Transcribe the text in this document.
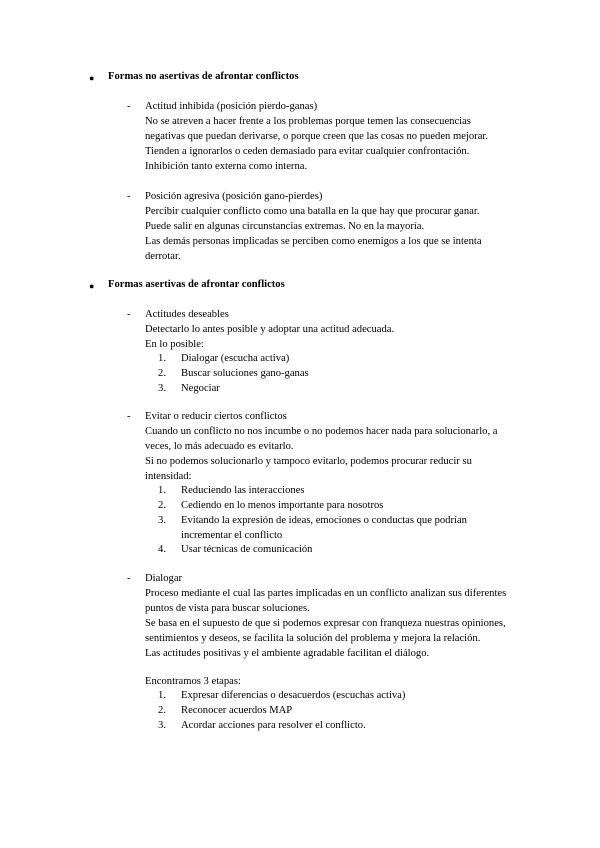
● Formas no asertivas de afrontar conflictos
- Actitud inhibida (posición pierdo-ganas)
No se atreven a hacer frente a los problemas porque temen las consecuencias
negativas que puedan derivarse, o porque creen que las cosas no pueden mejorar.
Tienden a ignorarlos o ceden demasiado para evitar cualquier confrontación.
Inhibición tanto externa como interna.
- Posición agresiva (posición gano-pierdes)
Percibir cualquier conflicto como una batalla en la que hay que procurar ganar.
Puede salir en algunas circunstancias extremas. No en la mayoría.
Las demás personas implicadas se perciben como enemigos a los que se intenta
derrotar.
● Formas asertivas de afrontar conflictos
- Actitudes deseables
Detectarlo lo antes posible y adoptar una actitud adecuada.
En lo posible:
1. Dialogar (escucha activa)
2. Buscar soluciones gano-ganas
3. Negociar
- Evitar o reducir ciertos conflictos
Cuando un conflicto no nos incumbe o no podemos hacer nada para solucionarlo, a
veces, lo más adecuado es evitarlo.
Si no podemos solucionarlo y tampoco evitarlo, podemos procurar reducir su
intensidad:
1. Reduciendo las interacciones
2. Cediendo en lo menos importante para nosotros
3. Evitando la expresión de ideas, emociones o conductas que podrían
incrementar el conflicto
4. Usar técnicas de comunicación
- Dialogar
Proceso mediante el cual las partes implicadas en un conflicto analizan sus diferentes
puntos de vista para buscar soluciones.
Se basa en el supuesto de que si podemos expresar con franqueza nuestras opiniones,
sentimientos y deseos, se facilita la solución del problema y mejora la relación.
Las actitudes positivas y el ambiente agradable facilitan el diálogo.
Encontramos 3 etapas:
1. Expresar diferencias o desacuerdos (escuchas activa)
2. Reconocer acuerdos MAP
3. Acordar acciones para resolver el conflicto.
